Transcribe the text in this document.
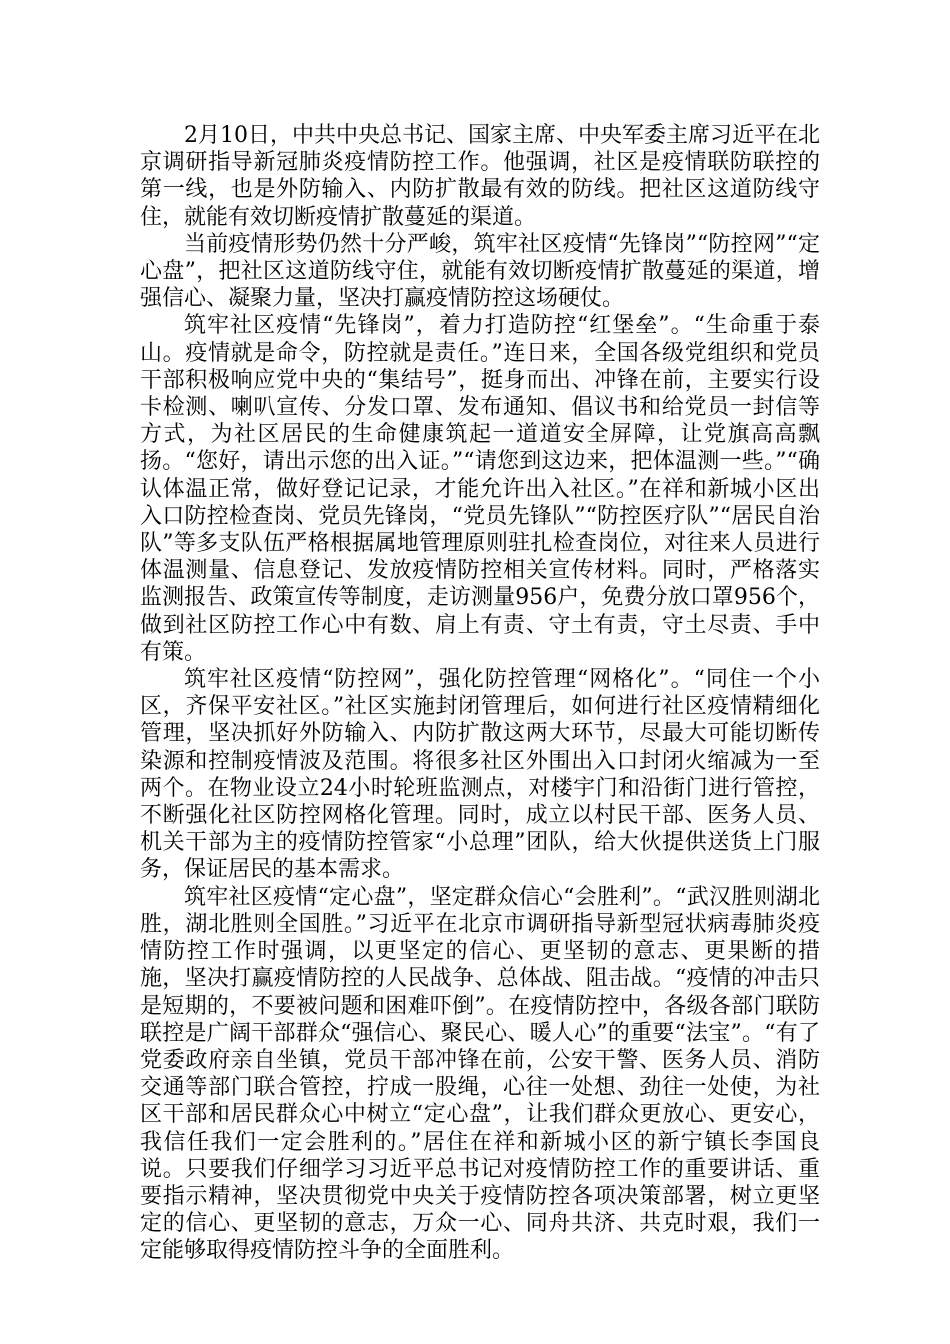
2月10日，中共中央总书记、国家主席、中央军委主席习近平在北京调研指导新冠肺炎疫情防控工作。他强调，社区是疫情联防联控的第一线，也是外防输入、内防扩散最有效的防线。把社区这道防线守住，就能有效切断疫情扩散蔓延的渠道。

当前疫情形势仍然十分严峻，筑牢社区疫情“先锋岗”“防控网”“定心盘”，把社区这道防线守住，就能有效切断疫情扩散蔓延的渠道，增强信心、凝聚力量，坚决打赢疫情防控这场硬仗。

筑牢社区疫情“先锋岗”，着力打造防控“红堡垒”。“生命重于泰山。疫情就是命令，防控就是责任。”连日来，全国各级党组织和党员干部积极响应党中央的“集结号”，挺身而出、冲锋在前，主要实行设卡检测、喇叭宣传、分发口罩、发布通知、倡议书和给党员一封信等方式，为社区居民的生命健康筑起一道道安全屏障，让党旗高高飘扬。“您好，请出示您的出入证。”“请您到这边来，把体温测一些。”“确认体温正常，做好登记记录，才能允许出入社区。”在祥和新城小区出入口防控检查岗、党员先锋岗，“党员先锋队”“防控医疗队”“居民自治队”等多支队伍严格根据属地管理原则驻扎检查岗位，对往来人员进行体温测量、信息登记、发放疫情防控相关宣传材料。同时，严格落实监测报告、政策宣传等制度，走访测量956户，免费分放口罩956个，做到社区防控工作心中有数、肩上有责、守土有责，守土尽责、手中有策。

筑牢社区疫情“防控网”，强化防控管理“网格化”。“同住一个小区，齐保平安社区。”社区实施封闭管理后，如何进行社区疫情精细化管理，坚决抓好外防输入、内防扩散这两大环节，尽最大可能切断传染源和控制疫情波及范围。将很多社区外围出入口封闭火缩减为一至两个。在物业设立24小时轮班监测点，对楼宇门和沿街门进行管控，不断强化社区防控网格化管理。同时，成立以村民干部、医务人员、机关干部为主的疫情防控管家“小总理”团队，给大伙提供送货上门服务，保证居民的基本需求。

筑牢社区疫情“定心盘”，坚定群众信心“会胜利”。“武汉胜则湖北胜，湖北胜则全国胜。”习近平在北京市调研指导新型冠状病毒肺炎疫情防控工作时强调，以更坚定的信心、更坚韧的意志、更果断的措施，坚决打赢疫情防控的人民战争、总体战、阻击战。“疫情的冲击只是短期的，不要被问题和困难吓倒”。在疫情防控中，各级各部门联防联控是广阔干部群众“强信心、聚民心、暖人心”的重要“法宝”。“有了党委政府亲自坐镇，党员干部冲锋在前，公安干警、医务人员、消防交通等部门联合管控，拧成一股绳，心往一处想、劲往一处使，为社区干部和居民群众心中树立“定心盘”，让我们群众更放心、更安心，我信任我们一定会胜利的。”居住在祥和新城小区的新宁镇长李国良说。只要我们仔细学习习近平总书记对疫情防控工作的重要讲话、重要指示精神，坚决贯彻党中央关于疫情防控各项决策部署，树立更坚定的信心、更坚韧的意志，万众一心、同舟共济、共克时艰，我们一定能够取得疫情防控斗争的全面胜利。
